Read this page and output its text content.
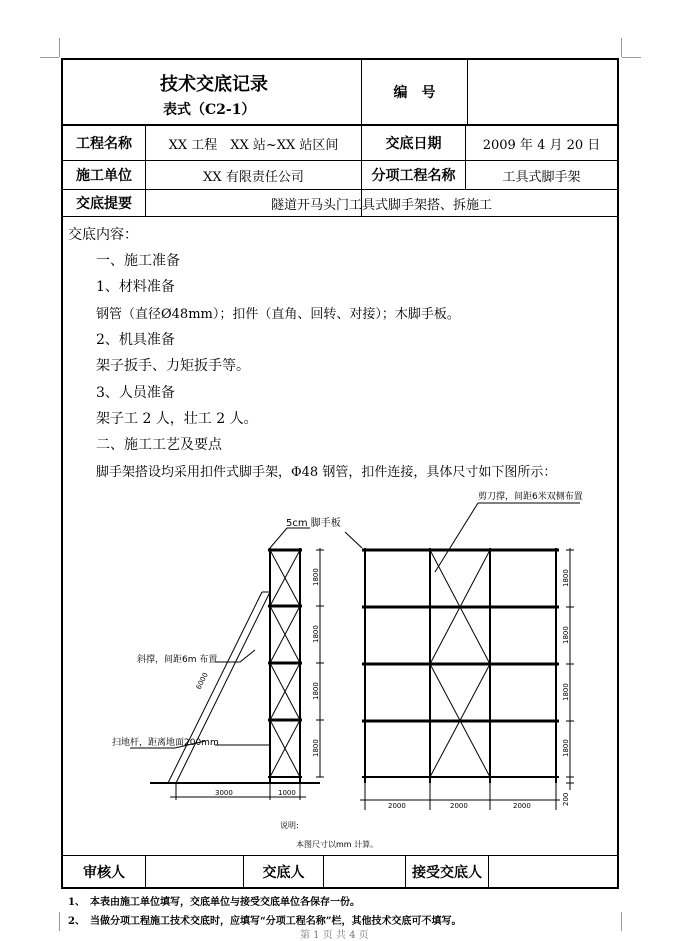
技术交底记录
表式（C2-1）
编　号
工程名称	XX 工程　XX 站~XX 站区间	交底日期	2009 年 4 月 20 日
施工单位	XX 有限责任公司	分项工程名称	工具式脚手架
交底提要	隧道开马头门工具式脚手架搭、拆施工
交底内容：
一、施工准备
1、材料准备
钢管（直径Ø48mm）；扣件（直角、回转、对接）；木脚手板。
2、机具准备
架子扳手、力矩扳手等。
3、人员准备
架子工 2 人，壮工 2 人。
二、施工工艺及要点
脚手架搭设均采用扣件式脚手架，Φ48 钢管，扣件连接，具体尺寸如下图所示：
5cm 脚手板
剪刀撑，间距6米双侧布置
斜撑，间距6m 布置
扫地杆，距离地面200mm
6000
1800
1800
1800
1800
1800
1800
1800
1800
200
3000	1000
2000	2000	2000
说明:
本图尺寸以mm 计算。
审核人	交底人	接受交底人
1、　本表由施工单位填写，交底单位与接受交底单位各保存一份。
2、　当做分项工程施工技术交底时，应填写“分项工程名称”栏，其他技术交底可不填写。
第 1 页 共 4 页
